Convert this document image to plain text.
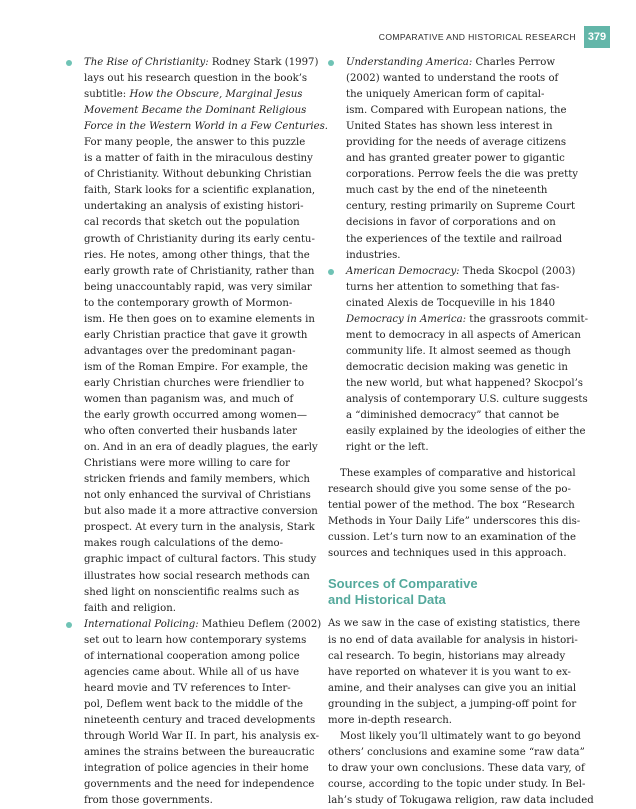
COMPARATIVE AND HISTORICAL RESEARCH	379
The Rise of Christianity: Rodney Stark (1997)
lays out his research question in the book’s
subtitle: How the Obscure, Marginal Jesus
Movement Became the Dominant Religious
Force in the Western World in a Few Centuries.
For many people, the answer to this puzzle
is a matter of faith in the miraculous destiny
of Christianity. Without debunking Christian
faith, Stark looks for a scientific explanation,
undertaking an analysis of existing histori-
cal records that sketch out the population
growth of Christianity during its early centu-
ries. He notes, among other things, that the
early growth rate of Christianity, rather than
being unaccountably rapid, was very similar
to the contemporary growth of Mormon-
ism. He then goes on to examine elements in
early Christian practice that gave it growth
advantages over the predominant pagan-
ism of the Roman Empire. For example, the
early Christian churches were friendlier to
women than paganism was, and much of
the early growth occurred among women—
who often converted their husbands later
on. And in an era of deadly plagues, the early
Christians were more willing to care for
stricken friends and family members, which
not only enhanced the survival of Christians
but also made it a more attractive conversion
prospect. At every turn in the analysis, Stark
makes rough calculations of the demo-
graphic impact of cultural factors. This study
illustrates how social research methods can
shed light on nonscientific realms such as
faith and religion.
International Policing: Mathieu Deflem (2002)
set out to learn how contemporary systems
of international cooperation among police
agencies came about. While all of us have
heard movie and TV references to Inter-
pol, Deflem went back to the middle of the
nineteenth century and traced developments
through World War II. In part, his analysis ex-
amines the strains between the bureaucratic
integration of police agencies in their home
governments and the need for independence
from those governments.
Understanding America: Charles Perrow
(2002) wanted to understand the roots of
the uniquely American form of capital-
ism. Compared with European nations, the
United States has shown less interest in
providing for the needs of average citizens
and has granted greater power to gigantic
corporations. Perrow feels the die was pretty
much cast by the end of the nineteenth
century, resting primarily on Supreme Court
decisions in favor of corporations and on
the experiences of the textile and railroad
industries.
American Democracy: Theda Skocpol (2003)
turns her attention to something that fas-
cinated Alexis de Tocqueville in his 1840
Democracy in America: the grassroots commit-
ment to democracy in all aspects of American
community life. It almost seemed as though
democratic decision making was genetic in
the new world, but what happened? Skocpol’s
analysis of contemporary U.S. culture suggests
a “diminished democracy” that cannot be
easily explained by the ideologies of either the
right or the left.
These examples of comparative and historical
research should give you some sense of the po-
tential power of the method. The box “Research
Methods in Your Daily Life” underscores this dis-
cussion. Let’s turn now to an examination of the
sources and techniques used in this approach.
Sources of Comparative
and Historical Data
As we saw in the case of existing statistics, there
is no end of data available for analysis in histori-
cal research. To begin, historians may already
have reported on whatever it is you want to ex-
amine, and their analyses can give you an initial
grounding in the subject, a jumping-off point for
more in-depth research.
Most likely you’ll ultimately want to go beyond
others’ conclusions and examine some “raw data”
to draw your own conclusions. These data vary, of
course, according to the topic under study. In Bel-
lah’s study of Tokugawa religion, raw data included
